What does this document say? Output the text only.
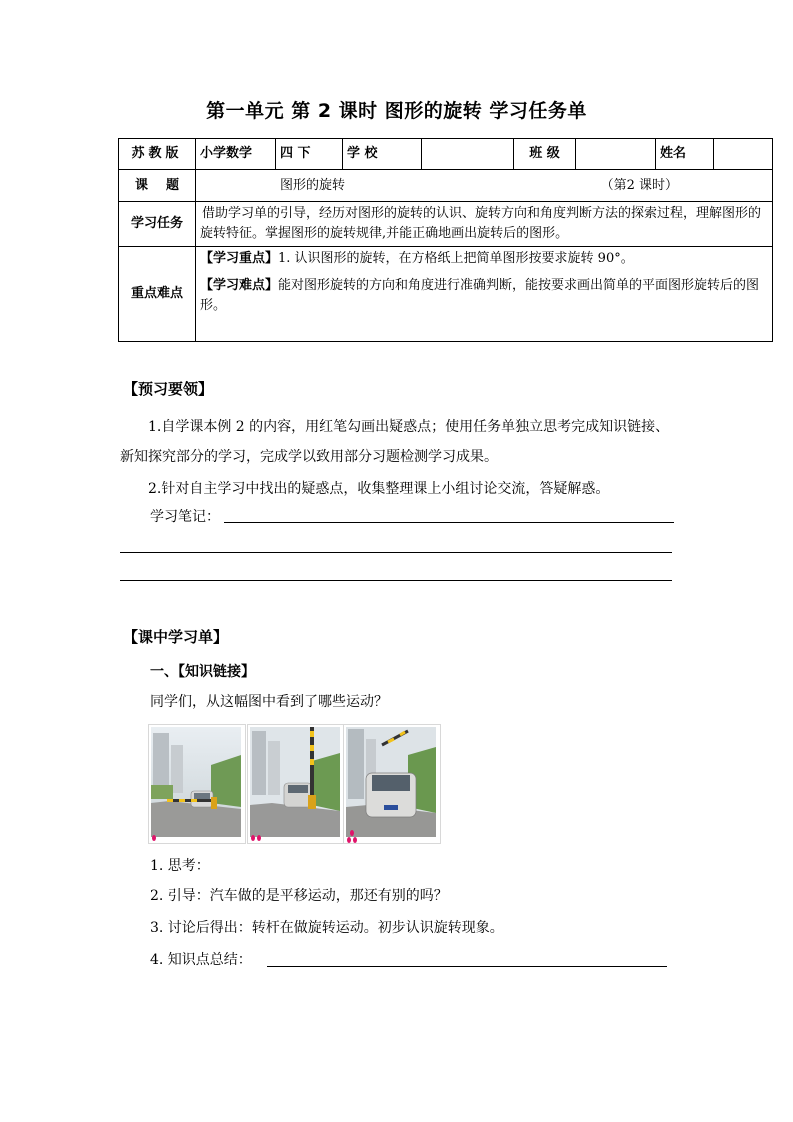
第一单元 第 2 课时 图形的旋转 学习任务单
苏教版	小学数学	四 下	学 校		班 级		姓名	
课    题	图形的旋转 （第2 课时）							

学习任务	借助学习单的引导，经历对图形的旋转的认识、旋转方向和角度判断方法的探索过程，理解图形的旋转特征。掌握图形的旋转规律,并能正确地画出旋转后的图形。							
重点难点	【学习重点】1. 认识图形的旋转，在方格纸上把简单图形按要求旋转 90°。
【学习难点】能对图形旋转的方向和角度进行准确判断，能按要求画出简单的平面图形旋转后的图形。							
【预习要领】
1.自学课本例 2 的内容，用红笔勾画出疑惑点；使用任务单独立思考完成知识链接、新知探究部分的学习，完成学以致用部分习题检测学习成果。
2.针对自主学习中找出的疑惑点，收集整理课上小组讨论交流，答疑解惑。
学习笔记：
【课中学习单】
一、【知识链接】
同学们，从这幅图中看到了哪些运动？
1. 思考：
2. 引导：汽车做的是平移运动，那还有别的吗？
3. 讨论后得出：转杆在做旋转运动。初步认识旋转现象。
4. 知识点总结：
